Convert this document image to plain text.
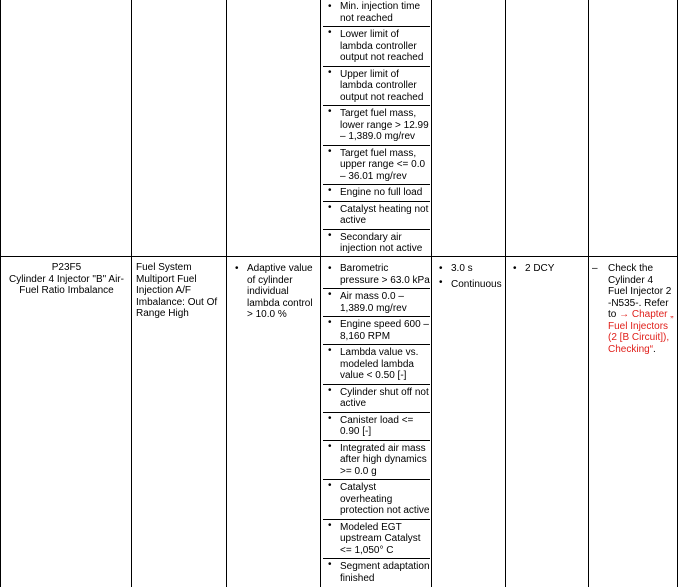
• Min. injection time not reached
• Lower limit of lambda controller output not reached
• Upper limit of lambda controller output not reached
• Target fuel mass, lower range > 12.99 – 1,389.0 mg/rev
• Target fuel mass, upper range <= 0.0 – 36.01 mg/rev
• Engine no full load
• Catalyst heating not active
• Secondary air injection not active
P23F5
Cylinder 4 Injector "B" Air-Fuel Ratio Imbalance
Fuel System Multiport Fuel Injection A/F Imbalance: Out Of Range High
• Adaptive value of cylinder individual lambda control > 10.0 %
• Barometric pressure > 63.0 kPa
• Air mass 0.0 – 1,389.0 mg/rev
• Engine speed 600 – 8,160 RPM
• Lambda value vs. modeled lambda value < 0.50 [-]
• Cylinder shut off not active
• Canister load <= 0.90 [-]
• Integrated air mass after high dynamics >= 0.0 g
• Catalyst overheating protection not active
• Modeled EGT upstream Catalyst <= 1,050° C
• Segment adaptation finished
• 3.0 s
• Continuous
• 2 DCY	– Check the Cylinder 4 Fuel Injector 2 -N535-. Refer to → Chapter „ Fuel Injectors (2 [B Circuit]), Checking“.
